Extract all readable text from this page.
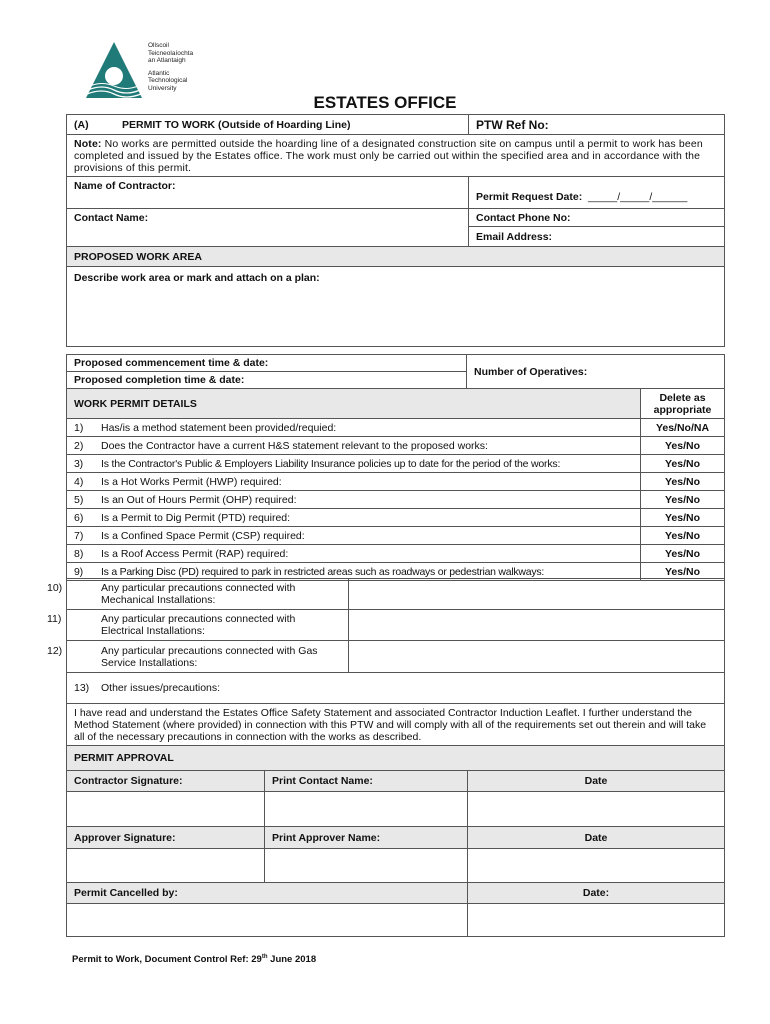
Ollscoil
Teicneolaíochta
an Atlantaigh
Atlantic
Technological
University
ESTATES OFFICE
(A) PERMIT TO WORK (Outside of Hoarding Line)	PTW Ref No:
Note: No works are permitted outside the hoarding line of a designated construction site on campus until a permit to work has been completed and issued by the Estates office. The work must only be carried out within the specified area and in accordance with the provisions of this permit.	
Name of Contractor:	Permit Request Date: _____/_____/______
Contact Name:	Contact Phone No:
	Email Address:
PROPOSED WORK AREA	
Describe work area or mark and attach on a plan:	
Proposed commencement time & date:	Number of Operatives:
Proposed completion time & date:
WORK PERMIT DETAILS	Delete as
appropriate

1) Has/is a method statement been provided/requied:	Yes/No/NA
2) Does the Contractor have a current H&S statement relevant to the proposed works:	Yes/No
3) Is the Contractor's Public & Employers Liability Insurance policies up to date for the period of the works:	Yes/No
4) Is a Hot Works Permit (HWP) required:	Yes/No
5) Is an Out of Hours Permit (OHP) required:	Yes/No
6) Is a Permit to Dig Permit (PTD) required:	Yes/No
7) Is a Confined Space Permit (CSP) required:	Yes/No
8) Is a Roof Access Permit (RAP) required:	Yes/No
9) Is a Parking Disc (PD) required to park in restricted areas such as roadways or pedestrian walkways:	Yes/No
10) Any particular precautions connected with
Mechanical Installations:	
11) Any particular precautions connected with
Electrical Installations:	
12) Any particular precautions connected with Gas
Service Installations:	
13) Other issues/precautions:	
I have read and understand the Estates Office Safety Statement and associated Contractor Induction Leaflet. I further understand the Method Statement (where provided) in connection with this PTW and will comply with all of the requirements set out therein and will take all of the necessary precautions in connection with the works as described.	
PERMIT APPROVAL		
Contractor Signature:	Print Contact Name:	Date

Approver Signature:	Print Approver Name:	Date

Permit Cancelled by:		Date:

Permit to Work, Document Control Ref: 29th June 2018
